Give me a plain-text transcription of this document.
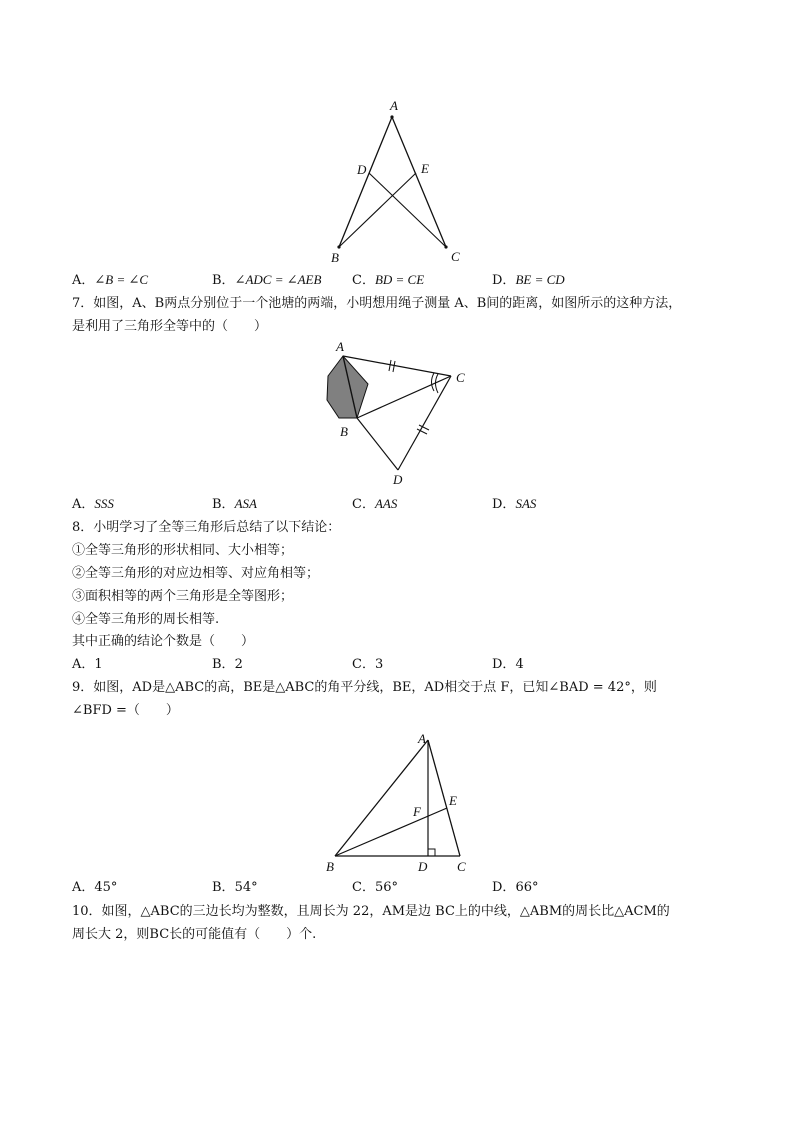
A
D	E
B	C
A．∠B = ∠C	B．∠ADC = ∠AEB C．BD = CE	D．BE = CD
7．如图，A、B两点分别位于一个池塘的两端，小明想用绳子测量 A、B间的距离，如图所示的这种方法，
是利用了三角形全等中的（　　）
A
B
C
D
A．SSS	B．ASA	C．AAS	D．SAS
8．小明学习了全等三角形后总结了以下结论：
①全等三角形的形状相同、大小相等；
②全等三角形的对应边相等、对应角相等；
③面积相等的两个三角形是全等图形；
④全等三角形的周长相等.
其中正确的结论个数是（　　）
A．1	B．2	C．3	D．4
9．如图，AD是△ABC的高，BE是△ABC的角平分线，BE，AD相交于点 F，已知∠BAD = 42°，则
∠BFD =（　　）
A
E
F
B	D C
A．45°	B．54°	C．56°	D．66°
10．如图，△ABC的三边长均为整数，且周长为 22，AM是边 BC上的中线，△ABM的周长比△ACM的
周长大 2，则BC长的可能值有（　　）个.
